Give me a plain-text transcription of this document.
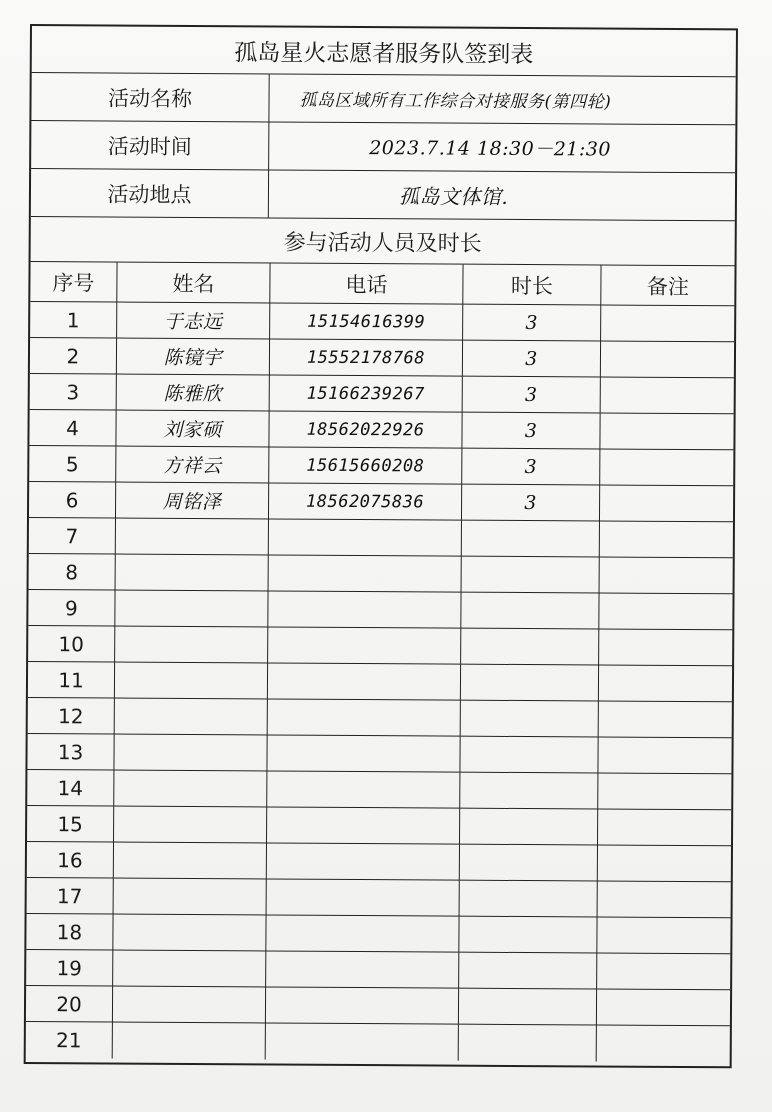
孤岛星火志愿者服务队签到表
活动名称	孤岛区域所有工作综合对接服务(第四轮)
活动时间	2023.7.14 18:30－21:30
活动地点	孤岛文体馆.
参与活动人员及时长
序号	姓名	电话	时长	备注
1	于志远	15154616399	3
2	陈镜宇	15552178768	3
3	陈雅欣	15166239267	3
4	刘家硕	18562022926	3
5	方祥云	15615660208	3
6	周铭泽	18562075836	3
7
8
9
10
11
12
13
14
15
16
17
18
19
20
21
